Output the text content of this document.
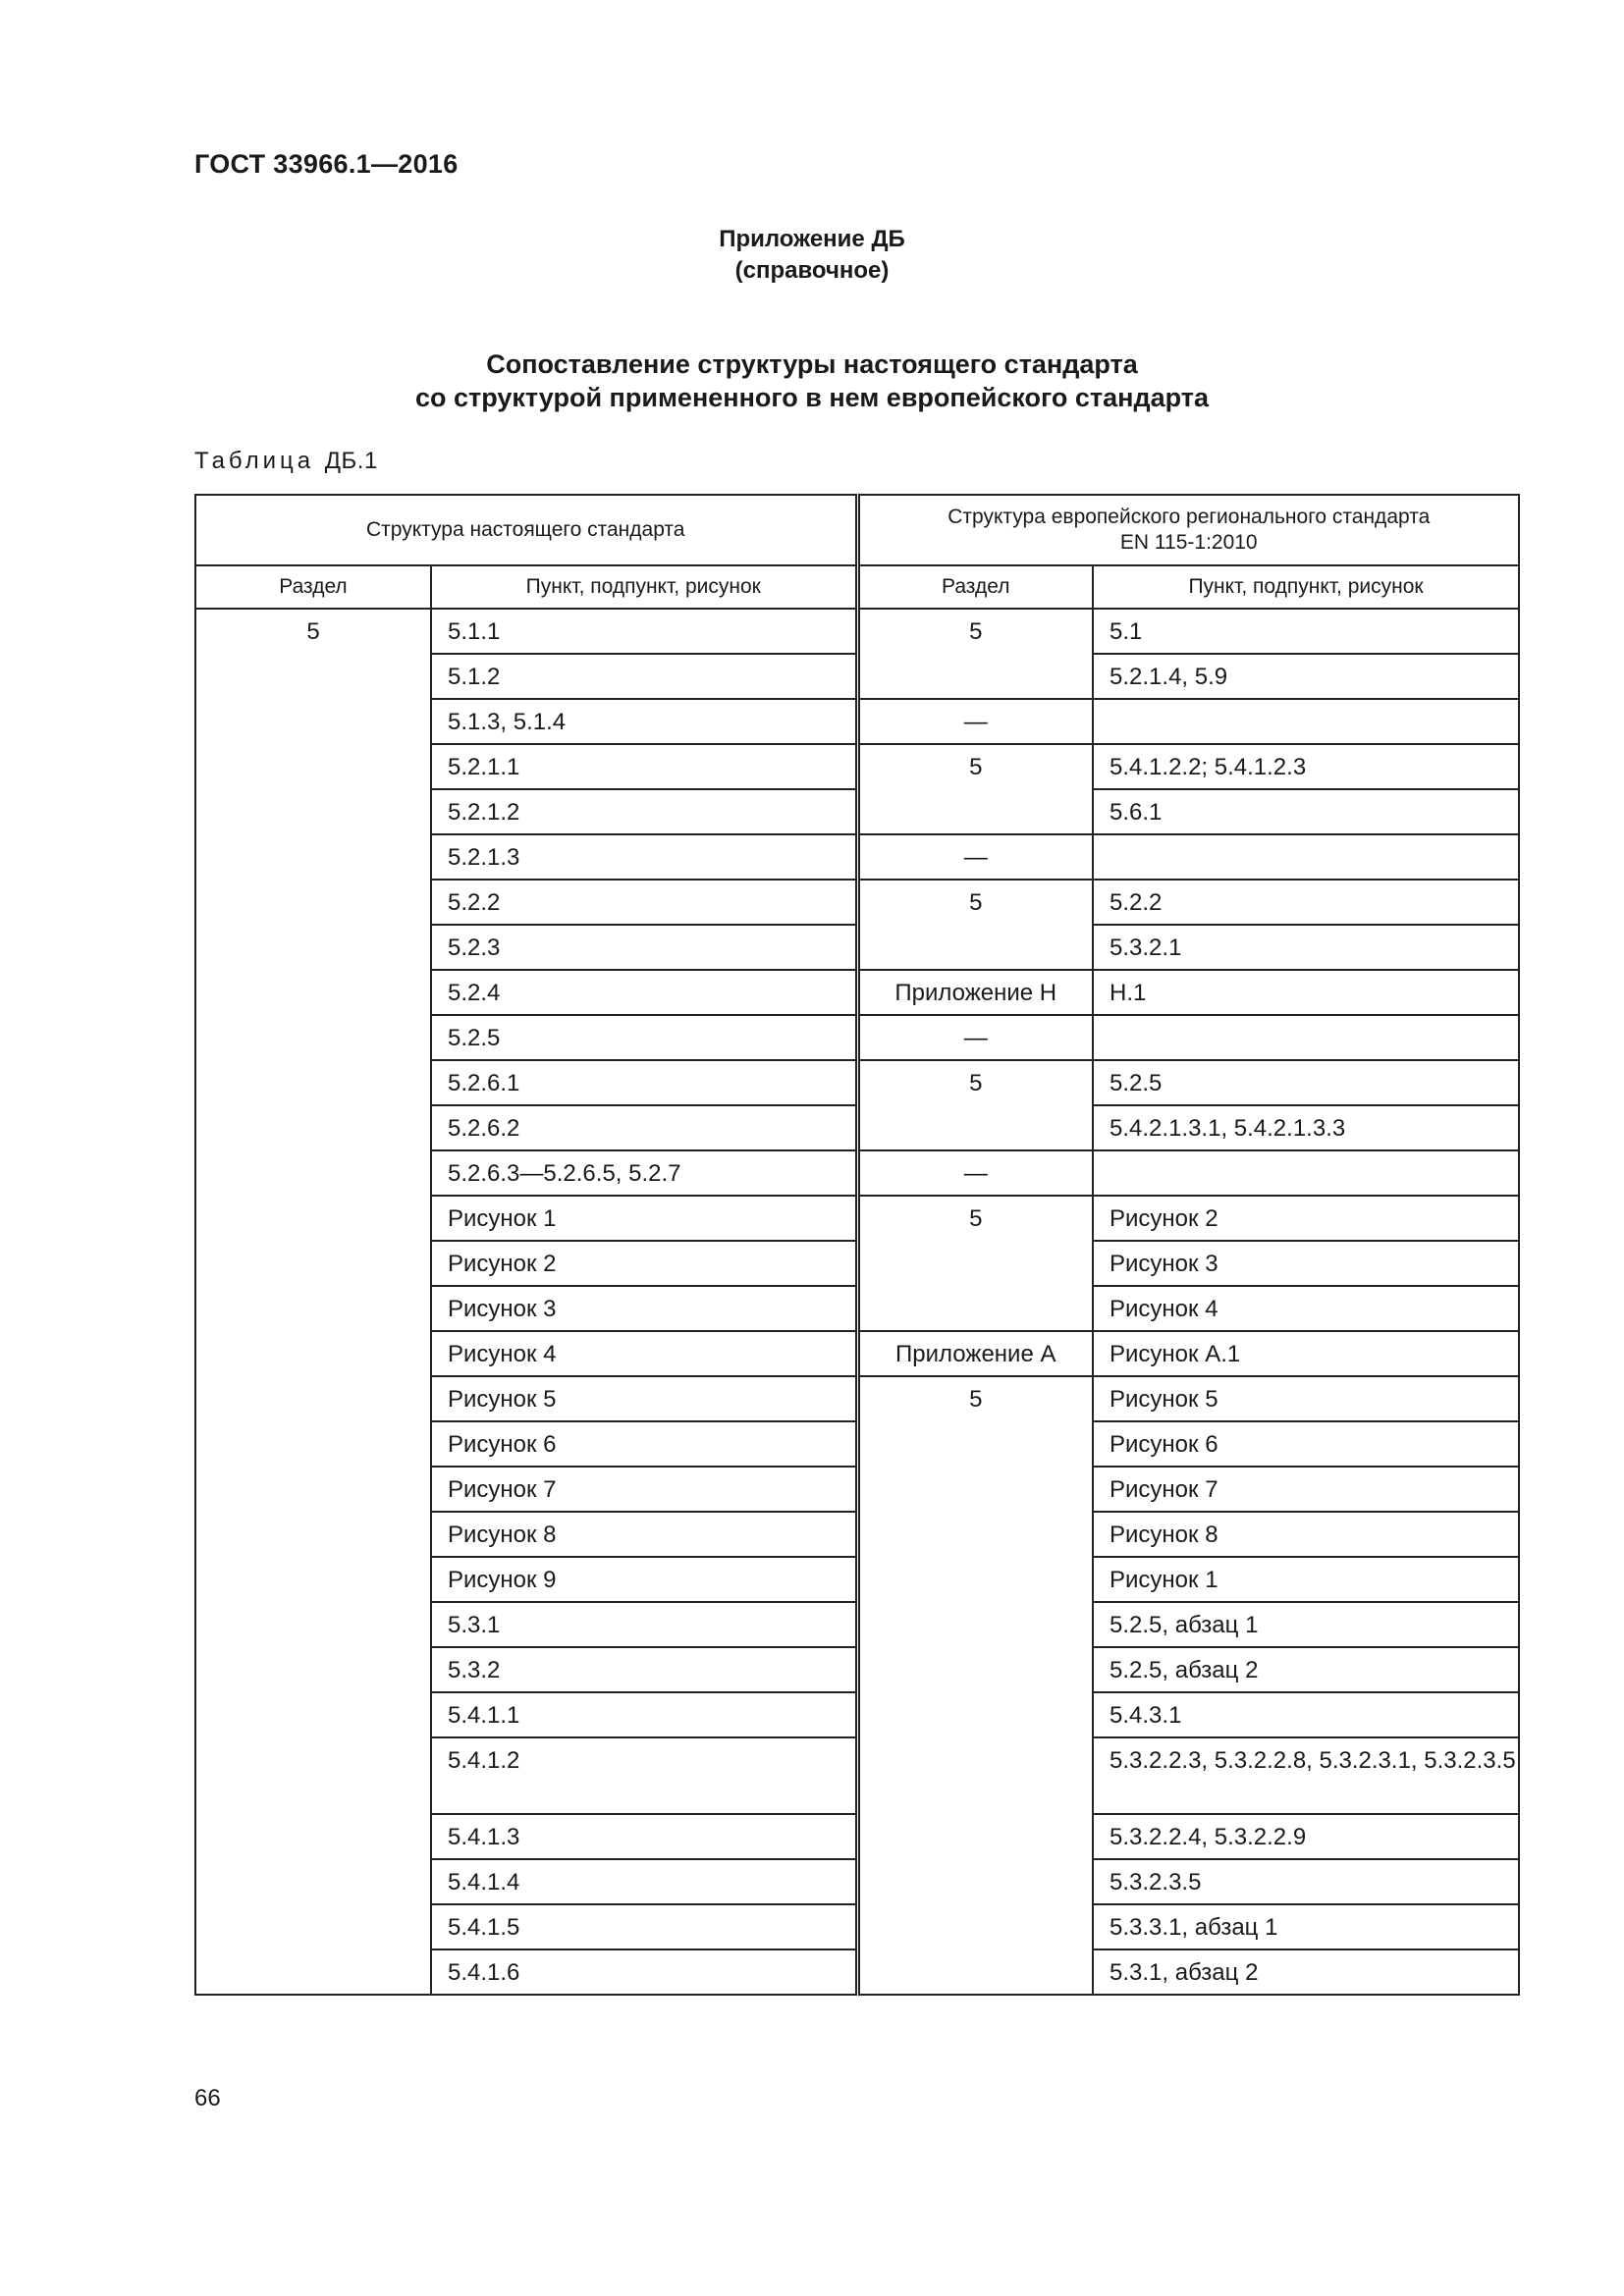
ГОСТ 33966.1—2016
Приложение ДБ
(справочное)
Сопоставление структуры настоящего стандарта
со структурой примененного в нем европейского стандарта
Таблица ДБ.1
Структура настоящего стандарта		Структура европейского регионального стандарта
EN 115-1:2010	

Раздел	Пункт, подпункт, рисунок	Раздел	Пункт, подпункт, рисунок
5	5.1.1	5	5.1
	5.1.2		5.2.1.4, 5.9
	5.1.3, 5.1.4	—	
	5.2.1.1	5	5.4.1.2.2; 5.4.1.2.3
	5.2.1.2		5.6.1
	5.2.1.3	—	
	5.2.2	5	5.2.2
	5.2.3		5.3.2.1
	5.2.4	Приложение Н	Н.1
	5.2.5	—	
	5.2.6.1	5	5.2.5
	5.2.6.2		5.4.2.1.3.1, 5.4.2.1.3.3
	5.2.6.3—5.2.6.5, 5.2.7	—	
	Рисунок 1	5	Рисунок 2
	Рисунок 2		Рисунок 3
	Рисунок 3		Рисунок 4
	Рисунок 4	Приложение А	Рисунок А.1
	Рисунок 5	5	Рисунок 5
	Рисунок 6		Рисунок 6
	Рисунок 7		Рисунок 7
	Рисунок 8		Рисунок 8
	Рисунок 9		Рисунок 1
	5.3.1		5.2.5, абзац 1
	5.3.2		5.2.5, абзац 2
	5.4.1.1		5.4.3.1
	5.4.1.2		5.3.2.2.3, 5.3.2.2.8, 5.3.2.3.1, 5.3.2.3.5
	5.4.1.3		5.3.2.2.4, 5.3.2.2.9
	5.4.1.4		5.3.2.3.5
	5.4.1.5		5.3.3.1, абзац 1
	5.4.1.6		5.3.1, абзац 2
66
